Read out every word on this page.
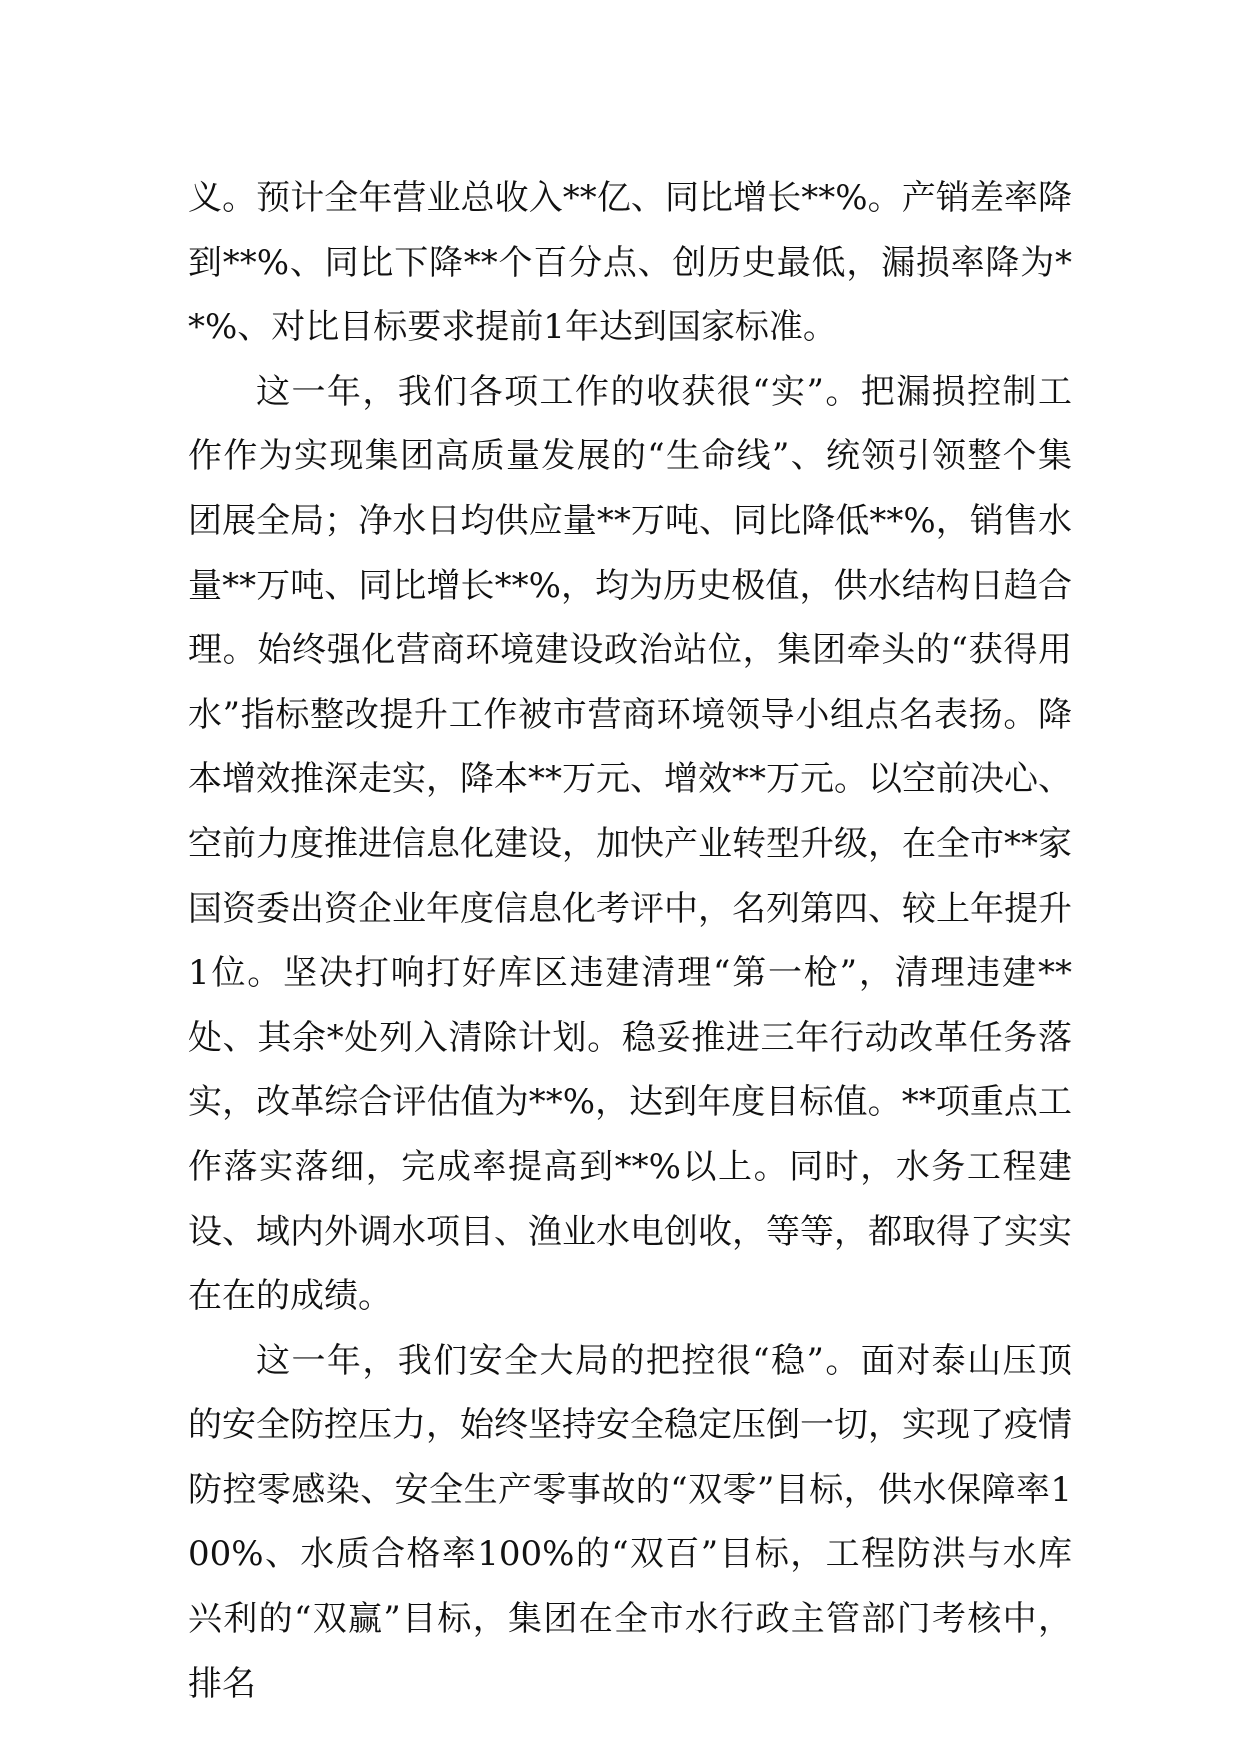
义。预计全年营业总收入**亿、同比增长**%。产销差率降到**%、同比下降**个百分点、创历史最低，漏损率降为**%、对比目标要求提前1年达到国家标准。

这一年，我们各项工作的收获很“实”。把漏损控制工作作为实现集团高质量发展的“生命线”、统领引领整个集团展全局；净水日均供应量**万吨、同比降低**%，销售水量**万吨、同比增长**%，均为历史极值，供水结构日趋合理。始终强化营商环境建设政治站位，集团牵头的“获得用水”指标整改提升工作被市营商环境领导小组点名表扬。降本增效推深走实，降本**万元、增效**万元。以空前决心、空前力度推进信息化建设，加快产业转型升级，在全市**家国资委出资企业年度信息化考评中，名列第四、较上年提升1位。坚决打响打好库区违建清理“第一枪”，清理违建**处、其余*处列入清除计划。稳妥推进三年行动改革任务落实，改革综合评估值为**%，达到年度目标值。**项重点工作落实落细，完成率提高到**%以上。同时，水务工程建设、域内外调水项目、渔业水电创收，等等，都取得了实实在在的成绩。

这一年，我们安全大局的把控很“稳”。面对泰山压顶的安全防控压力，始终坚持安全稳定压倒一切，实现了疫情防控零感染、安全生产零事故的“双零”目标，供水保障率100%、水质合格率100%的“双百”目标，工程防洪与水库兴利的“双赢”目标，集团在全市水行政主管部门考核中，排名
